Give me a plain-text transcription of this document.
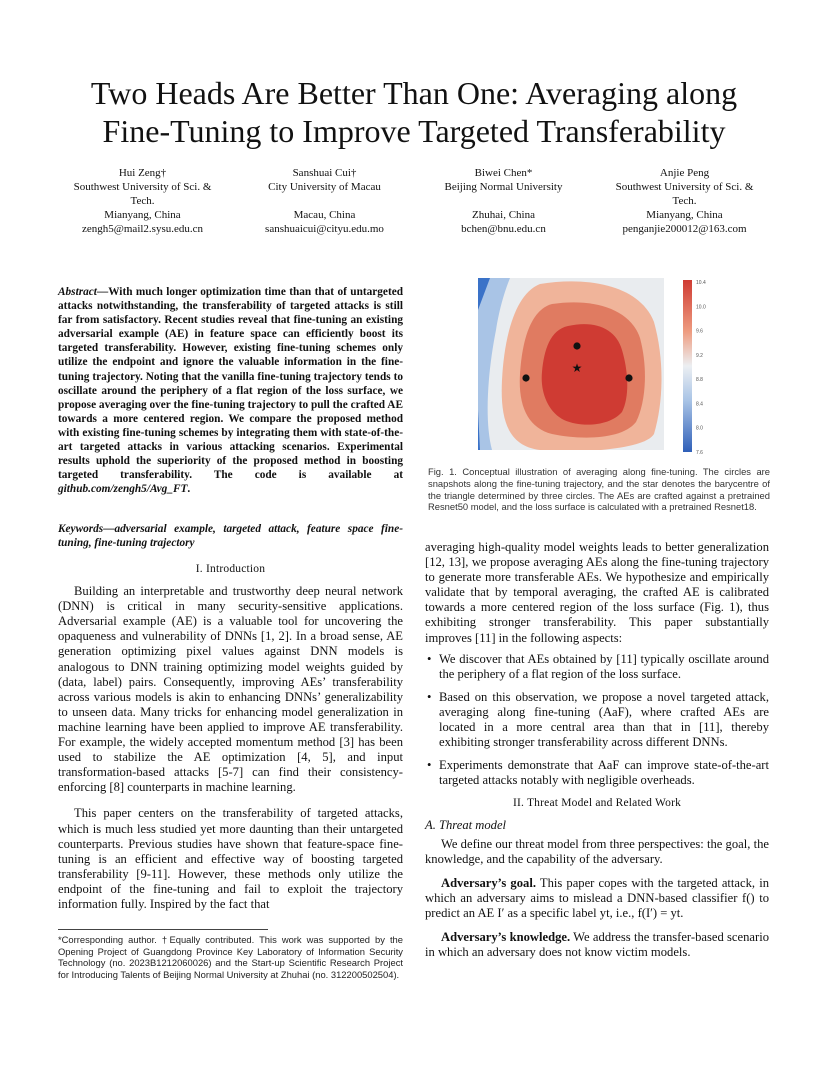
Two Heads Are Better Than One: Averaging along
Fine-Tuning to Improve Targeted Transferability
Hui Zeng†
Southwest University of Sci. &
Tech.
Mianyang, China
zengh5@mail2.sysu.edu.cn
Sanshuai Cui†
City University of Macau
Macau, China
sanshuaicui@cityu.edu.mo
Biwei Chen*
Beijing Normal University
Zhuhai, China
bchen@bnu.edu.cn
Anjie Peng
Southwest University of Sci. &
Tech.
Mianyang, China
penganjie200012@163.com
Abstract—With much longer optimization time than that of untargeted attacks notwithstanding, the transferability of targeted attacks is still far from satisfactory. Recent studies reveal that fine-tuning an existing adversarial example (AE) in feature space can efficiently boost its targeted transferability. However, existing fine-tuning schemes only utilize the endpoint and ignore the valuable information in the fine-tuning trajectory. Noting that the vanilla fine-tuning trajectory tends to oscillate around the periphery of a flat region of the loss surface, we propose averaging over the fine-tuning trajectory to pull the crafted AE towards a more centered region. We compare the proposed method with existing fine-tuning schemes by integrating them with state-of-the-art targeted attacks in various attacking scenarios. Experimental results uphold the superiority of the proposed method in boosting targeted transferability. The code is available at github.com/zengh5/Avg_FT.
Keywords—adversarial example, targeted attack, feature space fine-tuning, fine-tuning trajectory
I. Introduction

Building an interpretable and trustworthy deep neural network (DNN) is critical in many security-sensitive applications. Adversarial example (AE) is a valuable tool for uncovering the opaqueness and vulnerability of DNNs [1, 2]. In a broad sense, AE generation optimizing pixel values against DNN models is analogous to DNN training optimizing model weights guided by (data, label) pairs. Consequently, improving AEs’ transferability across various models is akin to enhancing DNNs’ generalizability to unseen data. Many tricks for enhancing model generalization in machine learning have been applied to improve AE transferability. For example, the widely accepted momentum method [3] has been used to stabilize the AE optimization [4, 5], and input transformation-based attacks [5-7] can find their consistency-enforcing [8] counterparts in machine learning.

This paper centers on the transferability of targeted attacks, which is much less studied yet more daunting than their untargeted counterparts. Previous studies have shown that feature-space fine-tuning is an efficient and effective way of boosting targeted transferability [9-11]. However, these methods only utilize the endpoint of the fine-tuning and fail to exploit the trajectory information fully. Inspired by the fact that

★
10.4
10.0
9.6
9.2
8.8
8.4
8.0
7.6
Fig. 1. Conceptual illustration of averaging along fine-tuning. The circles are snapshots along the fine-tuning trajectory, and the star denotes the barycentre of the triangle determined by three circles. The AEs are crafted against a pretrained Resnet50 model, and the loss surface is calculated with a pretrained Resnet18.

averaging high-quality model weights leads to better generalization [12, 13], we propose averaging AEs along the fine-tuning trajectory to generate more transferable AEs. We hypothesize and empirically validate that by temporal averaging, the crafted AE is calibrated towards a more centered region of the loss surface (Fig. 1), thus exhibiting stronger transferability. This paper substantially improves [11] in the following aspects:

• We discover that AEs obtained by [11] typically oscillate around the periphery of a flat region of the loss surface.
• Based on this observation, we propose a novel targeted attack, averaging along fine-tuning (AaF), where crafted AEs are located in a more central area than that in [11], thereby exhibiting stronger transferability across different DNNs.
• Experiments demonstrate that AaF can improve state-of-the-art targeted attacks notably with negligible overheads.
II. Threat Model and Related Work

A. Threat model

We define our threat model from three perspectives: the goal, the knowledge, and the capability of the adversary.

Adversary’s goal. This paper copes with the targeted attack, in which an adversary aims to mislead a DNN-based classifier f() to predict an AE I′ as a specific label yt, i.e., f(I′) = yt.

Adversary’s knowledge. We address the transfer-based scenario in which an adversary does not know victim models.

*Corresponding author. †Equally contributed. This work was supported by the Opening Project of Guangdong Province Key Laboratory of Information Security Technology (no. 2023B1212060026) and the Start-up Scientific Research Project for Introducing Talents of Beijing Normal University at Zhuhai (no. 312200502504).
